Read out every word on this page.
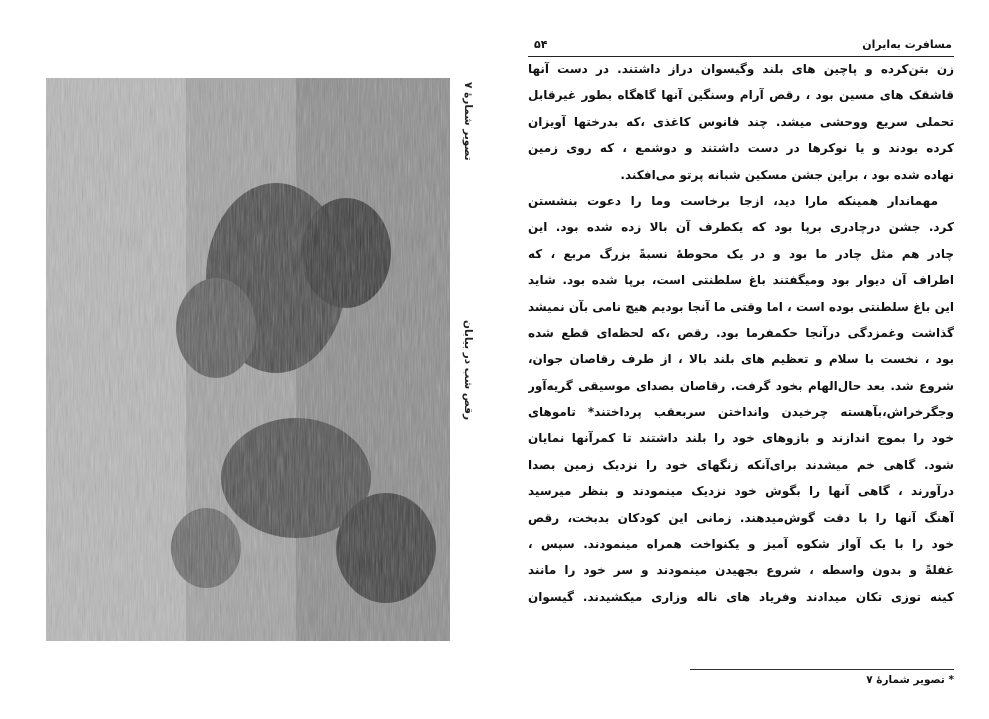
تصویر شمارهٔ ۷
رقص شب در بیابان
مسافرت به‌ایران
۵۴
زن بتن‌کرده و پاچین های بلند وگیسوان دراز داشتند. در دست آنها
قاشقک های مسین بود ، رقص آرام وسنگین آنها گاهگاه بطور غیرقابل
تحملی سریع ووحشی میشد. چند فانوس کاغذی ،که بدرختها آویزان
کرده بودند و یا نوکرها در دست داشتند و دوشمع ، که روی زمین
نهاده شده بود ، براین جشن مسکین شبانه پرتو می‌افکند.
مهماندار همینکه مارا دید، ازجا برخاست وما را دعوت بنشستن
کرد. جشن درچادری برپا بود که یکطرف آن بالا زده شده بود. این
چادر هم مثل چادر ما بود و در یک محوطهٔ نسبةً بزرگ مربع ، که
اطراف آن دیوار بود ومیگفتند باغ سلطنتی است، برپا شده بود. شاید
این باغ سلطنتی بوده است ، اما وقتی ما آنجا بودیم هیچ نامی بآن نمیشد
گذاشت وغمزدگی درآنجا حکمفرما بود. رقص ،که لحظه‌ای قطع شده
بود ، نخست با سلام و تعظیم های بلند بالا ، از طرف رقاصان جوان،
شروع شد. بعد حال‌الهام بخود گرفت. رقاصان بصدای موسیقی گریه‌آور
وجگرخراش،بآهسته چرخیدن وانداختن سربعقب پرداختند* تامو‌های
خود را بموج اندازند و بازوهای خود را بلند داشتند تا کمرآنها نمایان
شود. گاهی خم میشدند برای‌آنکه زنگهای خود را نزدیک زمین بصدا
درآورند ، گاهی آنها را بگوش خود نزدیک مینمودند و بنظر میرسید
آهنگ آنها را با دقت گوش‌میدهند. زمانی این کودکان بدبخت، رقص
خود را با یک آواز شکوه آمیز و یکنواخت همراه مینمودند. سپس ،
غفلةً و بدون واسطه ، شروع بجهیدن مینمودند و سر خود را مانند
کینه توزی تکان میدادند وفریاد های ناله وزاری میکشیدند. گیسوان
* تصویر شمارهٔ ۷
